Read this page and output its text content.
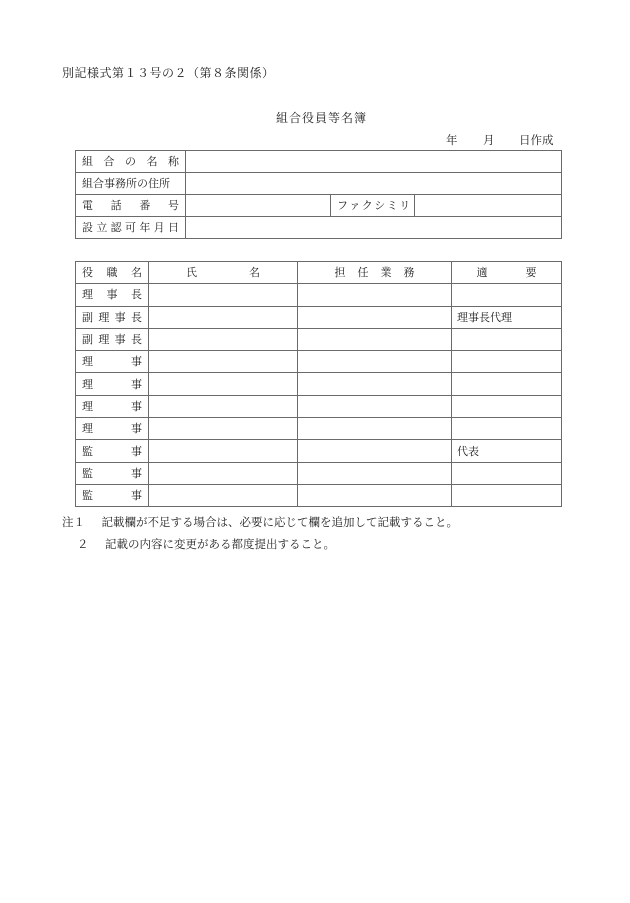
別記様式第１３号の２（第８条関係）
組合役員等名簿
年 月 日作成
組 合 の 名 称			

組合事務所の住所			

電 話 番 号		ファクシミリ	

設 立 認 可 年 月 日

役 職 名	氏 名	担 任 業 務	適 要

理 事 長			

副 理 事 長			理事長代理

副 理 事 長			

理 事			

理 事			

理 事			

理 事			

監 事			代表

監 事			

監 事			

注１ 記載欄が不足する場合は、必要に応じて欄を追加して記載すること。
２ 記載の内容に変更がある都度提出すること。
